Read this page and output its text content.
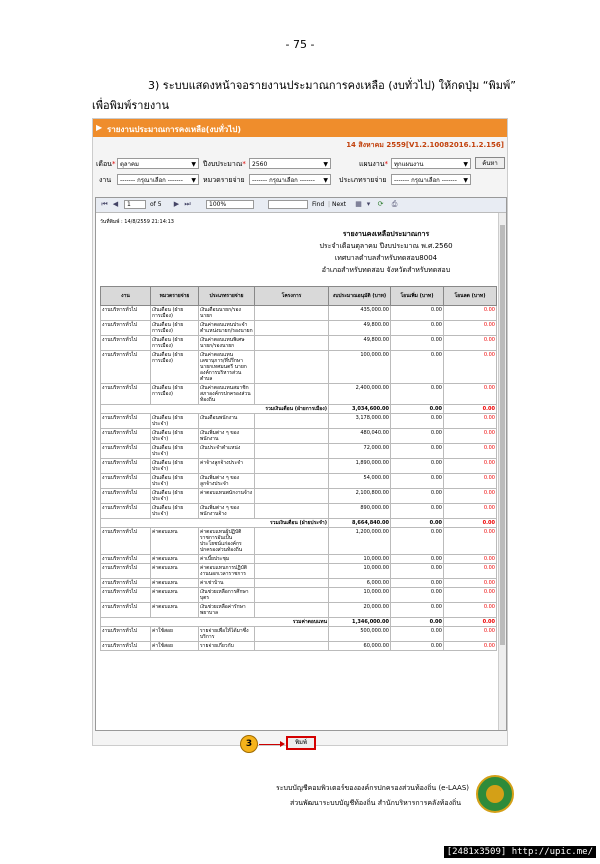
- 75 -
3) ระบบแสดงหน้าจอรายงานประมาณการคงเหลือ (งบทั่วไป) ให้กดปุ่ม “พิมพ์”
เพื่อพิมพ์รายงาน
▶ รายงานประมาณการคงเหลือ(งบทั่วไป)
14 สิงหาคม 2559[V1.2.10082016.1.2.156]
เดือน* ตุลาคม	▼ ปีงบประมาณ*	2560	▼	แผนงาน* ทุกแผนงาน	▼	ค้นหา
งาน	------- กรุณาเลือก ------- ▼ หมวดรายจ่าย	------- กรุณาเลือก ------- ▼ ประเภทรายจ่าย	------- กรุณาเลือก ------- ▼
⏮ ◀	1	of 5 ▶ ⏭	100%	Find | Next ▦ ▾	⟳ ⎙
วันที่พิมพ์ : 14/8/2559 21:14:13
รายงานคงเหลือประมาณการ
ประจำเดือนตุลาคม ปีงบประมาณ พ.ศ.2560
เทศบาลตำบลสำหรับทดสอบ8004
อำเภอสำหรับทดสอบ จังหวัดสำหรับทดสอบ
งาน	หมวดรายจ่าย	ประเภทรายจ่าย	โครงการ	งบประมาณอนุมัติ (บาท)	โอนเพิ่ม (บาท)	โอนลด (บาท)
งานบริหารทั่วไป	เงินเดือน (ฝ่ายการเมือง)	เงินเดือนนายก/รองนายก		435,000.00	0.00	0.00
งานบริหารทั่วไป	เงินเดือน (ฝ่ายการเมือง)	เงินค่าตอบแทนประจำตำแหน่งนายก/รองนายก		49,800.00	0.00	0.00
งานบริหารทั่วไป	เงินเดือน (ฝ่ายการเมือง)	เงินค่าตอบแทนพิเศษนายก/รองนายก		49,800.00	0.00	0.00
งานบริหารทั่วไป	เงินเดือน (ฝ่ายการเมือง)	เงินค่าตอบแทนเลขานุการ/ที่ปรึกษานายกเทศมนตรี นายกองค์การบริหารส่วนตำบล		100,000.00	0.00	0.00
งานบริหารทั่วไป	เงินเดือน (ฝ่ายการเมือง)	เงินค่าตอบแทนสมาชิกสภาองค์กรปกครองส่วนท้องถิ่น		2,400,000.00	0.00	0.00
รวมเงินเดือน (ฝ่ายการเมือง)				3,034,600.00	0.00	0.00
งานบริหารทั่วไป	เงินเดือน (ฝ่ายประจำ)	เงินเดือนพนักงาน		3,178,000.00	0.00	0.00
งานบริหารทั่วไป	เงินเดือน (ฝ่ายประจำ)	เงินเพิ่มต่าง ๆ ของพนักงาน		480,040.00	0.00	0.00
งานบริหารทั่วไป	เงินเดือน (ฝ่ายประจำ)	เงินประจำตำแหน่ง		72,000.00	0.00	0.00
งานบริหารทั่วไป	เงินเดือน (ฝ่ายประจำ)	ค่าจ้างลูกจ้างประจำ		1,890,000.00	0.00	0.00
งานบริหารทั่วไป	เงินเดือน (ฝ่ายประจำ)	เงินเพิ่มต่าง ๆ ของลูกจ้างประจำ		54,000.00	0.00	0.00
งานบริหารทั่วไป	เงินเดือน (ฝ่ายประจำ)	ค่าตอบแทนพนักงานจ้าง		2,100,800.00	0.00	0.00
งานบริหารทั่วไป	เงินเดือน (ฝ่ายประจำ)	เงินเพิ่มต่าง ๆ ของพนักงานจ้าง		890,000.00	0.00	0.00
รวมเงินเดือน (ฝ่ายประจำ)				8,664,840.00	0.00	0.00
งานบริหารทั่วไป	ค่าตอบแทน	ค่าตอบแทนผู้ปฏิบัติราชการอันเป็นประโยชน์แก่องค์กรปกครองส่วนท้องถิ่น		1,200,000.00	0.00	0.00
งานบริหารทั่วไป	ค่าตอบแทน	ค่าเบี้ยประชุม		10,000.00	0.00	0.00
งานบริหารทั่วไป	ค่าตอบแทน	ค่าตอบแทนการปฏิบัติงานนอกเวลาราชการ		10,000.00	0.00	0.00
งานบริหารทั่วไป	ค่าตอบแทน	ค่าเช่าบ้าน		6,000.00	0.00	0.00
งานบริหารทั่วไป	ค่าตอบแทน	เงินช่วยเหลือการศึกษาบุตร		10,000.00	0.00	0.00
งานบริหารทั่วไป	ค่าตอบแทน	เงินช่วยเหลือค่ารักษาพยาบาล		20,000.00	0.00	0.00
รวมค่าตอบแทน				1,346,000.00	0.00	0.00
งานบริหารทั่วไป	ค่าใช้สอย	รายจ่ายเพื่อให้ได้มาซึ่งบริการ		500,000.00	0.00	0.00
งานบริหารทั่วไป	ค่าใช้สอย	รายจ่ายเกี่ยวกับ		60,000.00	0.00	0.00
3	พิมพ์
ระบบบัญชีคอมพิวเตอร์ขององค์กรปกครองส่วนท้องถิ่น (e-LAAS)
ส่วนพัฒนาระบบบัญชีท้องถิ่น สำนักบริหารการคลังท้องถิ่น
[2481x3509] http://upic.me/
